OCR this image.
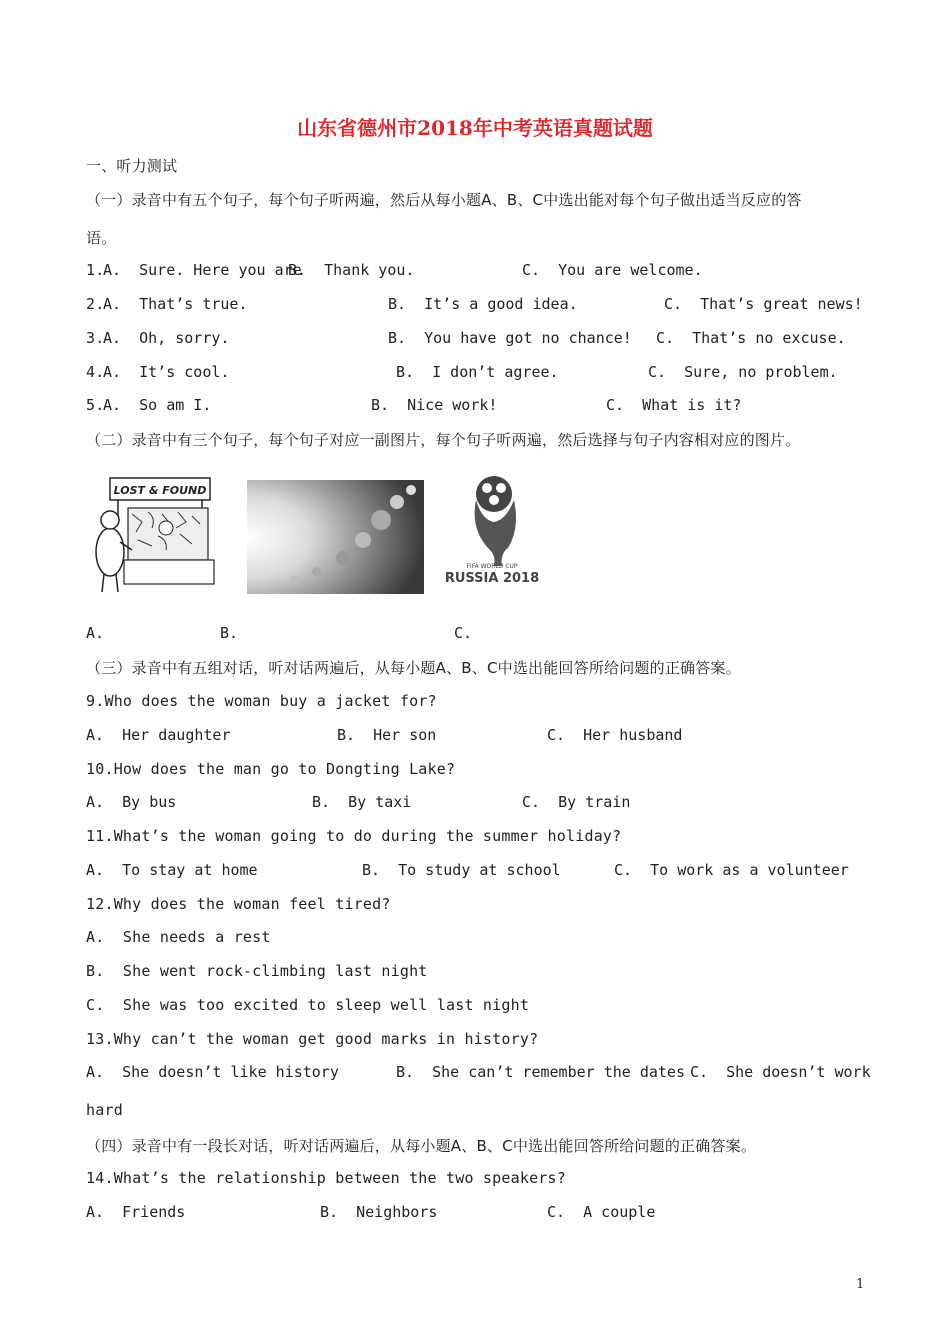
山东省德州市2018年中考英语真题试题
一、听力测试
（一）录音中有五个句子，每个句子听两遍，然后从每小题A、B、C中选出能对每个句子做出适当反应的答
语。
1.
A.  Sure. Here you are
B.  Thank you.	C.  You are welcome.
2.
A.  That’s true.	B.  It’s a good idea.	C.  That’s great news!
3.
A.  Oh, sorry.	B.  You have got no chance! C.  That’s no excuse.
4.
A.  It’s cool.	B.  I don’t agree.	C.  Sure, no problem.
5.
A.  So am I.	B.  Nice work!	C.  What is it?
（二）录音中有三个句子，每个句子对应一副图片，每个句子听两遍，然后选择与句子内容相对应的图片。
LOST & FOUND
FIFA WORLD CUP
RUSSIA 2018
A.	B.	C.
（三）录音中有五组对话，听对话两遍后，从每小题A、B、C中选出能回答所给问题的正确答案。
9.Who does the woman buy a jacket for?
A.  Her daughter	B.  Her son	C.  Her husband
10.How does the man go to Dongting Lake?
A.  By bus	B.  By taxi	C.  By train
11.What’s the woman going to do during the summer holiday?
A.  To stay at home	B.  To study at school	C.  To work as a volunteer
12.Why does the woman feel tired?
A.  She needs a rest
B.  She went rock-climbing last night
C.  She was too excited to sleep well last night
13.Why can’t the woman get good marks in history?
A.  She doesn’t like history	B.  She can’t remember the dates C.  She doesn’t work
hard
（四）录音中有一段长对话，听对话两遍后，从每小题A、B、C中选出能回答所给问题的正确答案。
14.What’s the relationship between the two speakers?
A.  Friends	B.  Neighbors	C.  A couple
1
